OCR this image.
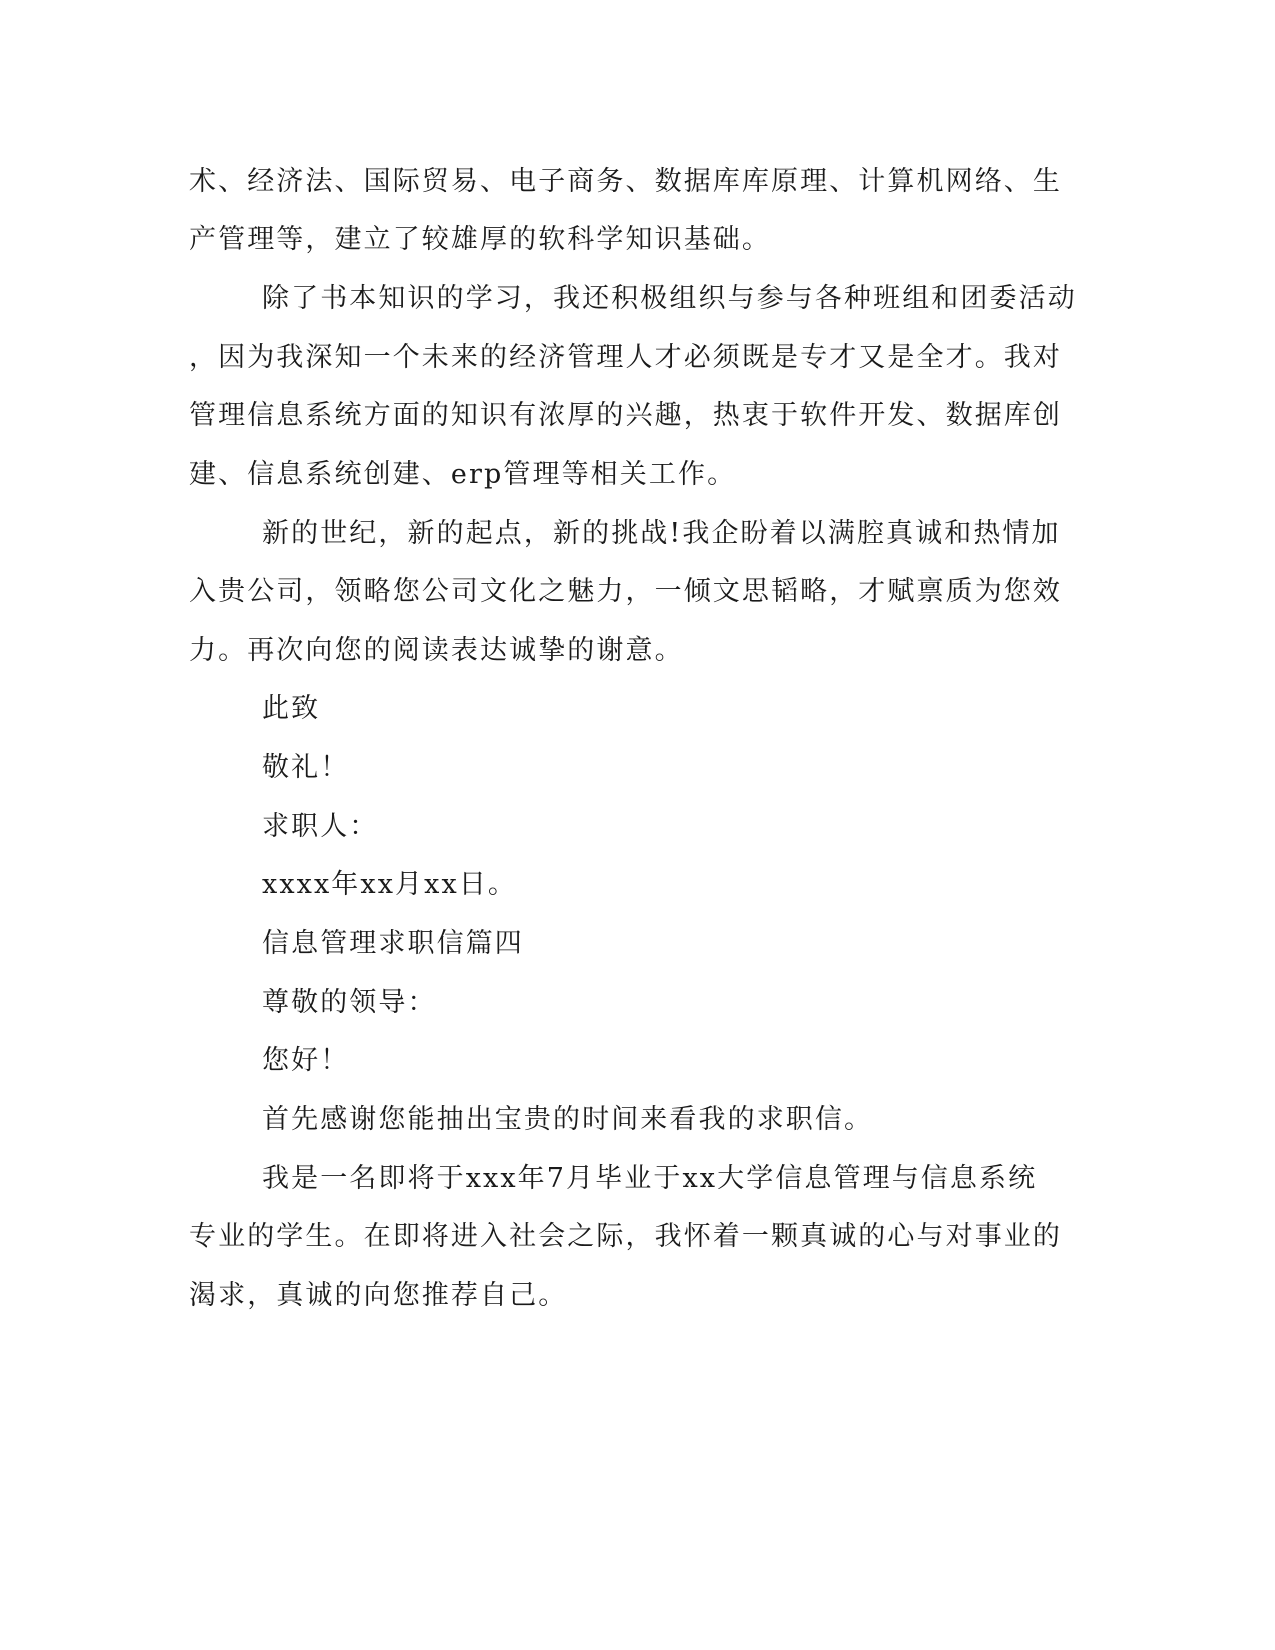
术、经济法、国际贸易、电子商务、数据库库原理、计算机网络、生
产管理等，建立了较雄厚的软科学知识基础。
除了书本知识的学习，我还积极组织与参与各种班组和团委活动
，因为我深知一个未来的经济管理人才必须既是专才又是全才。我对
管理信息系统方面的知识有浓厚的兴趣，热衷于软件开发、数据库创
建、信息系统创建、erp管理等相关工作。
新的世纪，新的起点，新的挑战!我企盼着以满腔真诚和热情加
入贵公司，领略您公司文化之魅力，一倾文思韬略，才赋禀质为您效
力。再次向您的阅读表达诚挚的谢意。
此致
敬礼！
求职人：
xxxx年xx月xx日。
信息管理求职信篇四
尊敬的领导：
您好！
首先感谢您能抽出宝贵的时间来看我的求职信。
我是一名即将于xxx年7月毕业于xx大学信息管理与信息系统
专业的学生。在即将进入社会之际，我怀着一颗真诚的心与对事业的
渴求，真诚的向您推荐自己。
